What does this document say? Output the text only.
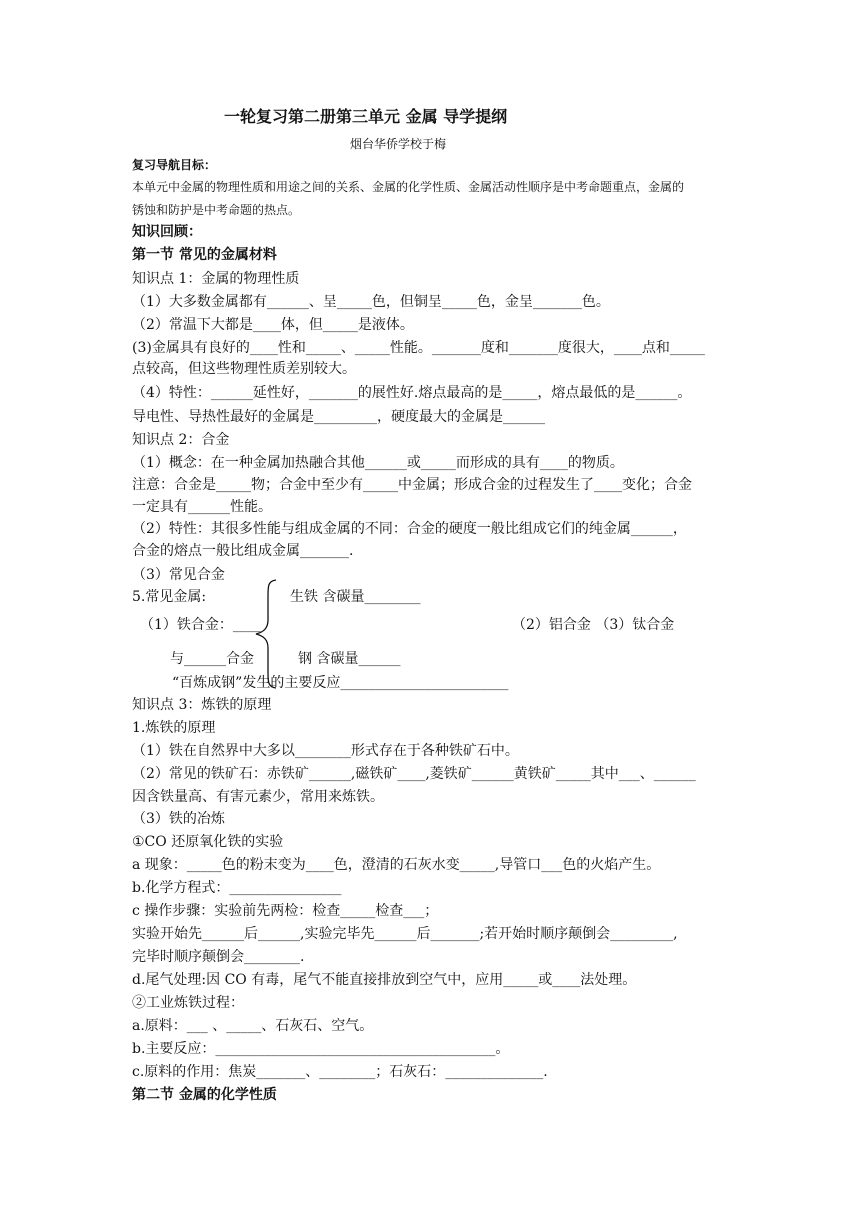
一轮复习第二册第三单元 金属 导学提纲
烟台华侨学校于梅
复习导航目标：
本单元中金属的物理性质和用途之间的关系、金属的化学性质、金属活动性顺序是中考命题重点，金属的
锈蚀和防护是中考命题的热点。
知识回顾：
第一节 常见的金属材料
知识点 1：金属的物理性质
（1）大多数金属都有______、呈_____色，但铜呈_____色，金呈_______色。
（2）常温下大都是____体，但_____是液体。
(3)金属具有良好的____性和_____、_____性能。_______度和_______度很大，____点和_____
点较高，但这些物理性质差别较大。
（4）特性：______延性好，_______的展性好.熔点最高的是_____，熔点最低的是______。
导电性、导热性最好的金属是_________，硬度最大的金属是______
知识点 2：合金
（1）概念：在一种金属加热融合其他______或_____而形成的具有____的物质。
注意：合金是_____物；合金中至少有_____中金属；形成合金的过程发生了____变化；合金
一定具有______性能。
（2）特性：其很多性能与组成金属的不同：合金的硬度一般比组成它们的纯金属______，
合金的熔点一般比组成金属_______.
（3）常见合金
5.常见金属:	生铁 含碳量________
（1）铁合金：____	（2）铝合金 （3）钛合金
与______合金	钢 含碳量______
“百炼成钢”发生的主要反应________________________
知识点 3：炼铁的原理
1.炼铁的原理
（1）铁在自然界中大多以________形式存在于各种铁矿石中。
（2）常见的铁矿石：赤铁矿______,磁铁矿____,菱铁矿______黄铁矿_____其中___、______
因含铁量高、有害元素少，常用来炼铁。
（3）铁的冶炼
①CO 还原氧化铁的实验
a 现象：_____色的粉末变为____色，澄清的石灰水变_____,导管口___色的火焰产生。
b.化学方程式：________________
c 操作步骤：实验前先两检：检查_____检查___；
实验开始先______后______,实验完毕先______后_______;若开始时顺序颠倒会_________,
完毕时顺序颠倒会________.
d.尾气处理:因 CO 有毒，尾气不能直接排放到空气中，应用_____或____法处理。
②工业炼铁过程：
a.原料：___ 、_____、石灰石、空气。
b.主要反应：________________________________________。
c.原料的作用：焦炭_______、________；石灰石：______________.
第二节 金属的化学性质
